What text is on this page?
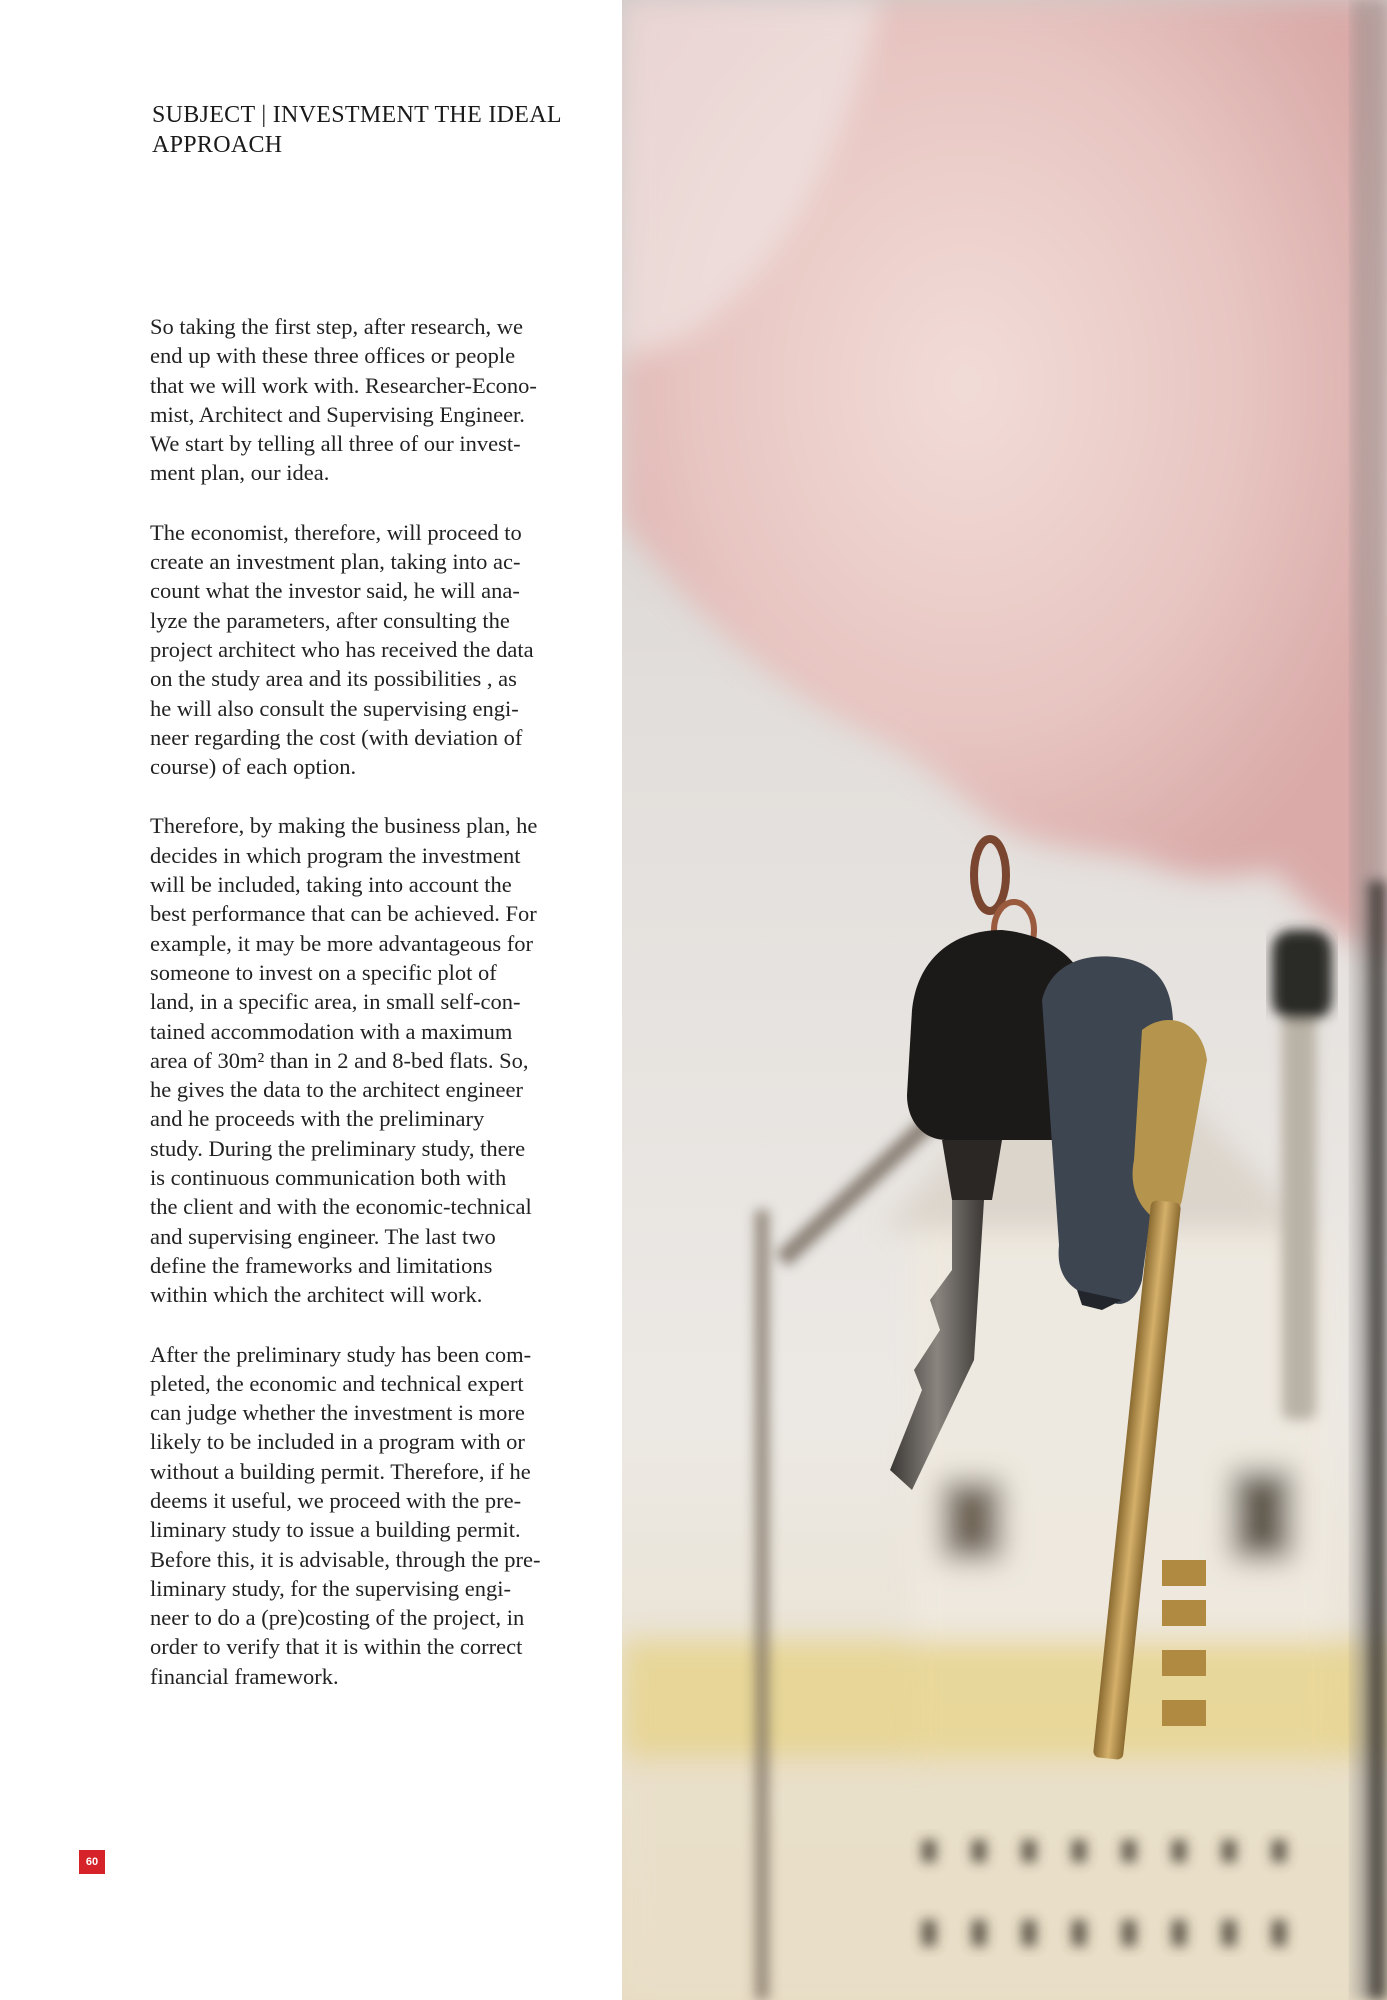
SUBJECT | INVESTMENT THE IDEAL
APPROACH

So taking the first step, after research, we
end up with these three offices or people
that we will work with. Researcher-Econo-
mist, Architect and Supervising Engineer.
We start by telling all three of our invest-
ment plan, our idea.

The economist, therefore, will proceed to
create an investment plan, taking into ac-
count what the investor said, he will ana-
lyze the parameters, after consulting the
project architect who has received the data
on the study area and its possibilities , as
he will also consult the supervising engi-
neer regarding the cost (with deviation of
course) of each option.

Therefore, by making the business plan, he
decides in which program the investment
will be included, taking into account the
best performance that can be achieved. For
example, it may be more advantageous for
someone to invest on a specific plot of
land, in a specific area, in small self-con-
tained accommodation with a maximum
area of 30m² than in 2 and 8-bed flats. So,
he gives the data to the architect engineer
and he proceeds with the preliminary
study. During the preliminary study, there
is continuous communication both with
the client and with the economic-technical
and supervising engineer. The last two
define the frameworks and limitations
within which the architect will work.

After the preliminary study has been com-
pleted, the economic and technical expert
can judge whether the investment is more
likely to be included in a program with or
without a building permit. Therefore, if he
deems it useful, we proceed with the pre-
liminary study to issue a building permit.
Before this, it is advisable, through the pre-
liminary study, for the supervising engi-
neer to do a (pre)costing of the project, in
order to verify that it is within the correct
financial framework.

60
